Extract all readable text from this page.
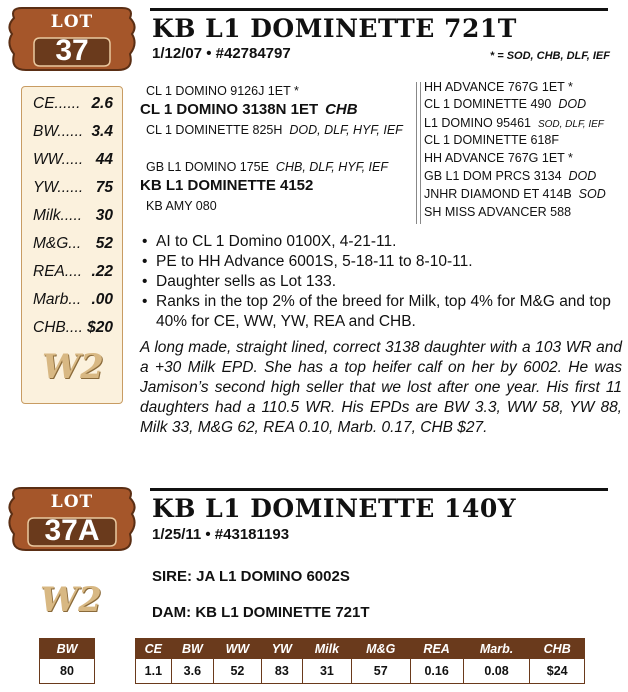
LOT
37
CE...... 2.6
BW...... 3.4
WW..... 44
YW...... 75
Milk..... 30
M&G... 52
REA.... .22
Marb... .00
CHB.... $20
W2
KB L1 DOMINETTE 721T
1/12/07 • #42784797	* = SOD, CHB, DLF, IEF
CL 1 DOMINO 9126J 1ET *
CL 1 DOMINO 3138N 1ET CHB
CL 1 DOMINETTE 825H DOD, DLF, HYF, IEF
GB L1 DOMINO 175E CHB, DLF, HYF, IEF
KB L1 DOMINETTE 4152
KB AMY 080
HH ADVANCE 767G 1ET *
CL 1 DOMINETTE 490 DOD
L1 DOMINO 95461 SOD, DLF, IEF
CL 1 DOMINETTE 618F
HH ADVANCE 767G 1ET *
GB L1 DOM PRCS 3134 DOD
JNHR DIAMOND ET 414B SOD
SH MISS ADVANCER 588
• AI to CL 1 Domino 0100X, 4-21-11.
• PE to HH Advance 6001S, 5-18-11 to 8-10-11.
• Daughter sells as Lot 133.
• Ranks in the top 2% of the breed for Milk, top 4% for M&G and top 40% for CE, WW, YW, REA and CHB.
A long made, straight lined, correct 3138 daughter with a 103 WR and a +30 Milk EPD. She has a top heifer calf on her by 6002. He was Jamison’s second high seller that we lost after one year. His first 11 daughters had a 110.5 WR. His EPDs are BW 3.3, WW 58, YW 88, Milk 33, M&G 62, REA 0.10, Marb. 0.17, CHB $27.
LOT
37A
KB L1 DOMINETTE 140Y
1/25/11 • #43181193
SIRE: JA L1 DOMINO 6002S
DAM: KB L1 DOMINETTE 721T
W2
BW
80
CE	BW	WW	YW	Milk	M&G	REA	Marb.	CHB
1.1	3.6	52	83	31	57	0.16	0.08	$24
